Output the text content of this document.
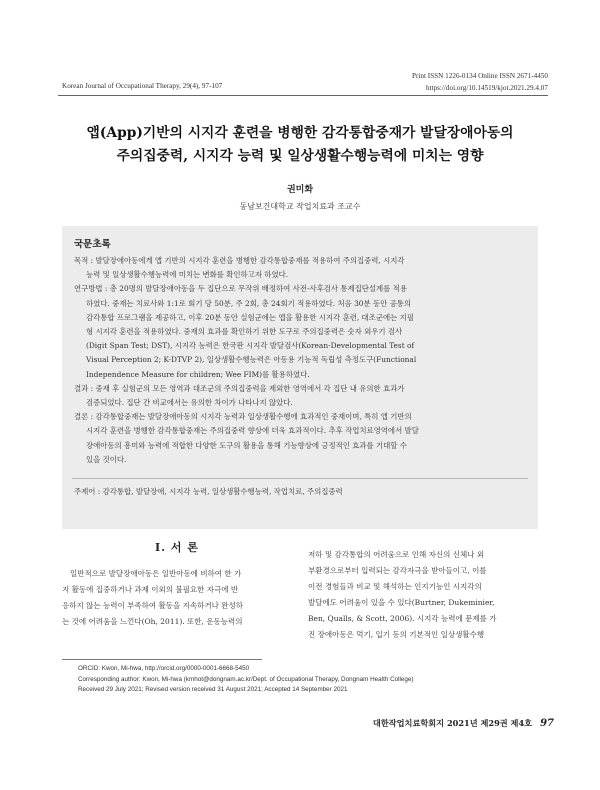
Korean Journal of Occupational Therapy, 29(4), 97-107
Print ISSN 1226-0134 Online ISSN 2671-4450
https://doi.org/10.14519/kjot.2021.29.4.07
앱(App)기반의 시지각 훈련을 병행한 감각통합중재가 발달장애아동의
주의집중력, 시지각 능력 및 일상생활수행능력에 미치는 영향
권미화
동남보건대학교 작업치료과 조교수
국문초록

목적 : 발달장애아동에게 앱 기반의 시지각 훈련을 병행한 감각통합중재를 적용하여 주의집중력, 시지각
능력 및 일상생활수행능력에 미치는 변화를 확인하고자 하였다.

연구방법 : 총 20명의 발달장애아동을 두 집단으로 무작위 배정하여 사전-사후검사 통제집단설계를 적용
하였다. 중재는 치료사와 1:1로 회기 당 50분, 주 2회, 총 24회기 적용하였다. 처음 30분 동안 공통의
감각통합 프로그램을 제공하고, 이후 20분 동안 실험군에는 앱을 활용한 시지각 훈련, 대조군에는 지필
형 시지각 훈련을 적용하였다. 중재의 효과를 확인하기 위한 도구로 주의집중력은 숫자 외우기 검사
(Digit Span Test; DST), 시지각 능력은 한국판 시지각 발달검사(Korean-Developmental Test of
Visual Perception 2; K-DTVP 2), 일상생활수행능력은 아동용 기능적 독립성 측정도구(Functional
Independence Measure for children; Wee FIM)를 활용하였다.

결과 : 중재 후 실험군의 모든 영역과 대조군의 주의집중력을 제외한 영역에서 각 집단 내 유의한 효과가
검증되었다. 집단 간 비교에서는 유의한 차이가 나타나지 않았다.

결론 : 감각통합중재는 발달장애아동의 시지각 능력과 일상생활수행에 효과적인 중재이며, 특히 앱 기반의
시지각 훈련을 병행한 감각통합중재는 주의집중력 향상에 더욱 효과적이다. 추후 작업치료영역에서 발달
장애아동의 흥미와 능력에 적합한 다양한 도구의 활용을 통해 기능향상에 긍정적인 효과를 기대할 수
있을 것이다.

주제어 : 감각통합, 발달장애, 시지각 능력, 일상생활수행능력, 작업치료, 주의집중력
Ⅰ. 서 론
일반적으로 발달장애아동은 일반아동에 비하여 한 가
지 활동에 집중하거나 과제 이외의 불필요한 자극에 반
응하지 않는 능력이 부족하여 활동을 지속하거나 완성하
는 것에 어려움을 느낀다(Oh, 2011). 또한, 운동능력의
저하 및 감각통합의 어려움으로 인해 자신의 신체나 외
부환경으로부터 입력되는 감각자극을 받아들이고, 이를
이전 경험들과 비교 및 해석하는 인지기능인 시지각의
발달에도 어려움이 있을 수 있다(Burtner, Dukeminier,
Ben, Qualls, & Scott, 2006). 시지각 능력에 문제를 가
진 장애아동은 먹기, 입기 등의 기본적인 일상생활수행
ORCID: Kwon, Mi-hwa, http://orcid.org/0000-0001-6668-5450
Corresponding author: Kwon, Mi-hwa (kmhot@dongnam.ac.kr/Dept. of Occupational Therapy, Dongnam Health College)
Received 29 July 2021; Revised version received 31 August 2021; Accepted 14 September 2021
대한작업치료학회지 2021년 제29권 제4호 97
